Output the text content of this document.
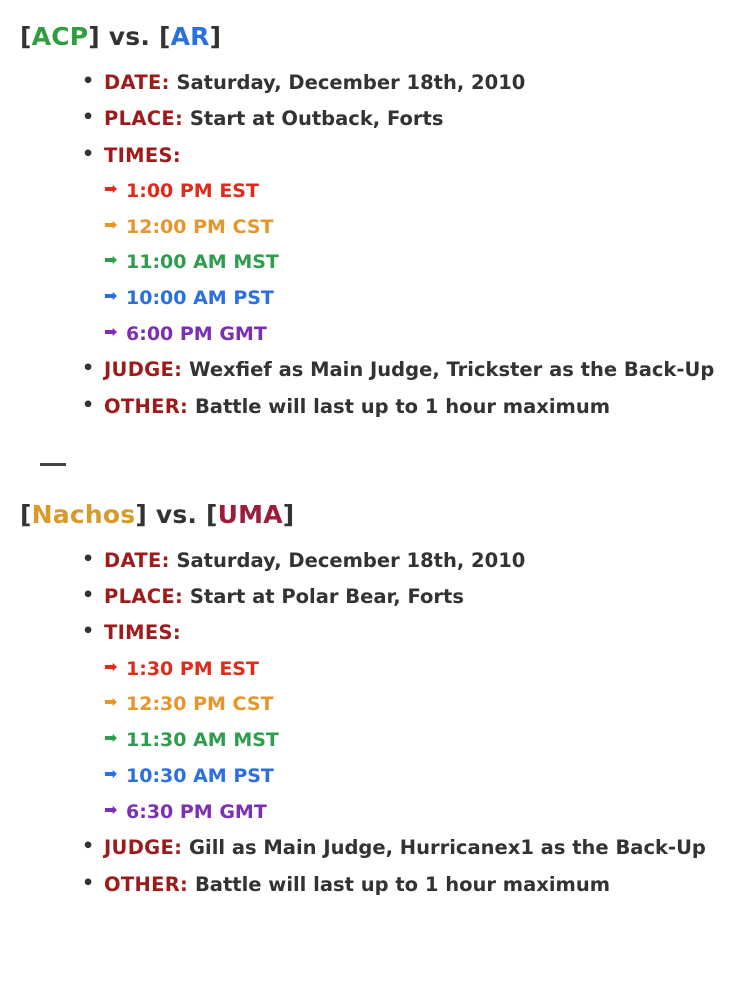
[ACP] vs. [AR]
• DATE: Saturday, December 18th, 2010
• PLACE: Start at Outback, Forts
• TIMES:
➡ 1:00 PM EST
➡ 12:00 PM CST
➡ 11:00 AM MST
➡ 10:00 AM PST
➡ 6:00 PM GMT
• JUDGE: Wexfief as Main Judge, Trickster as the Back-Up
• OTHER: Battle will last up to 1 hour maximum
[Nachos] vs. [UMA]
• DATE: Saturday, December 18th, 2010
• PLACE: Start at Polar Bear, Forts
• TIMES:
➡ 1:30 PM EST
➡ 12:30 PM CST
➡ 11:30 AM MST
➡ 10:30 AM PST
➡ 6:30 PM GMT
• JUDGE: Gill as Main Judge, Hurricanex1 as the Back-Up
• OTHER: Battle will last up to 1 hour maximum
